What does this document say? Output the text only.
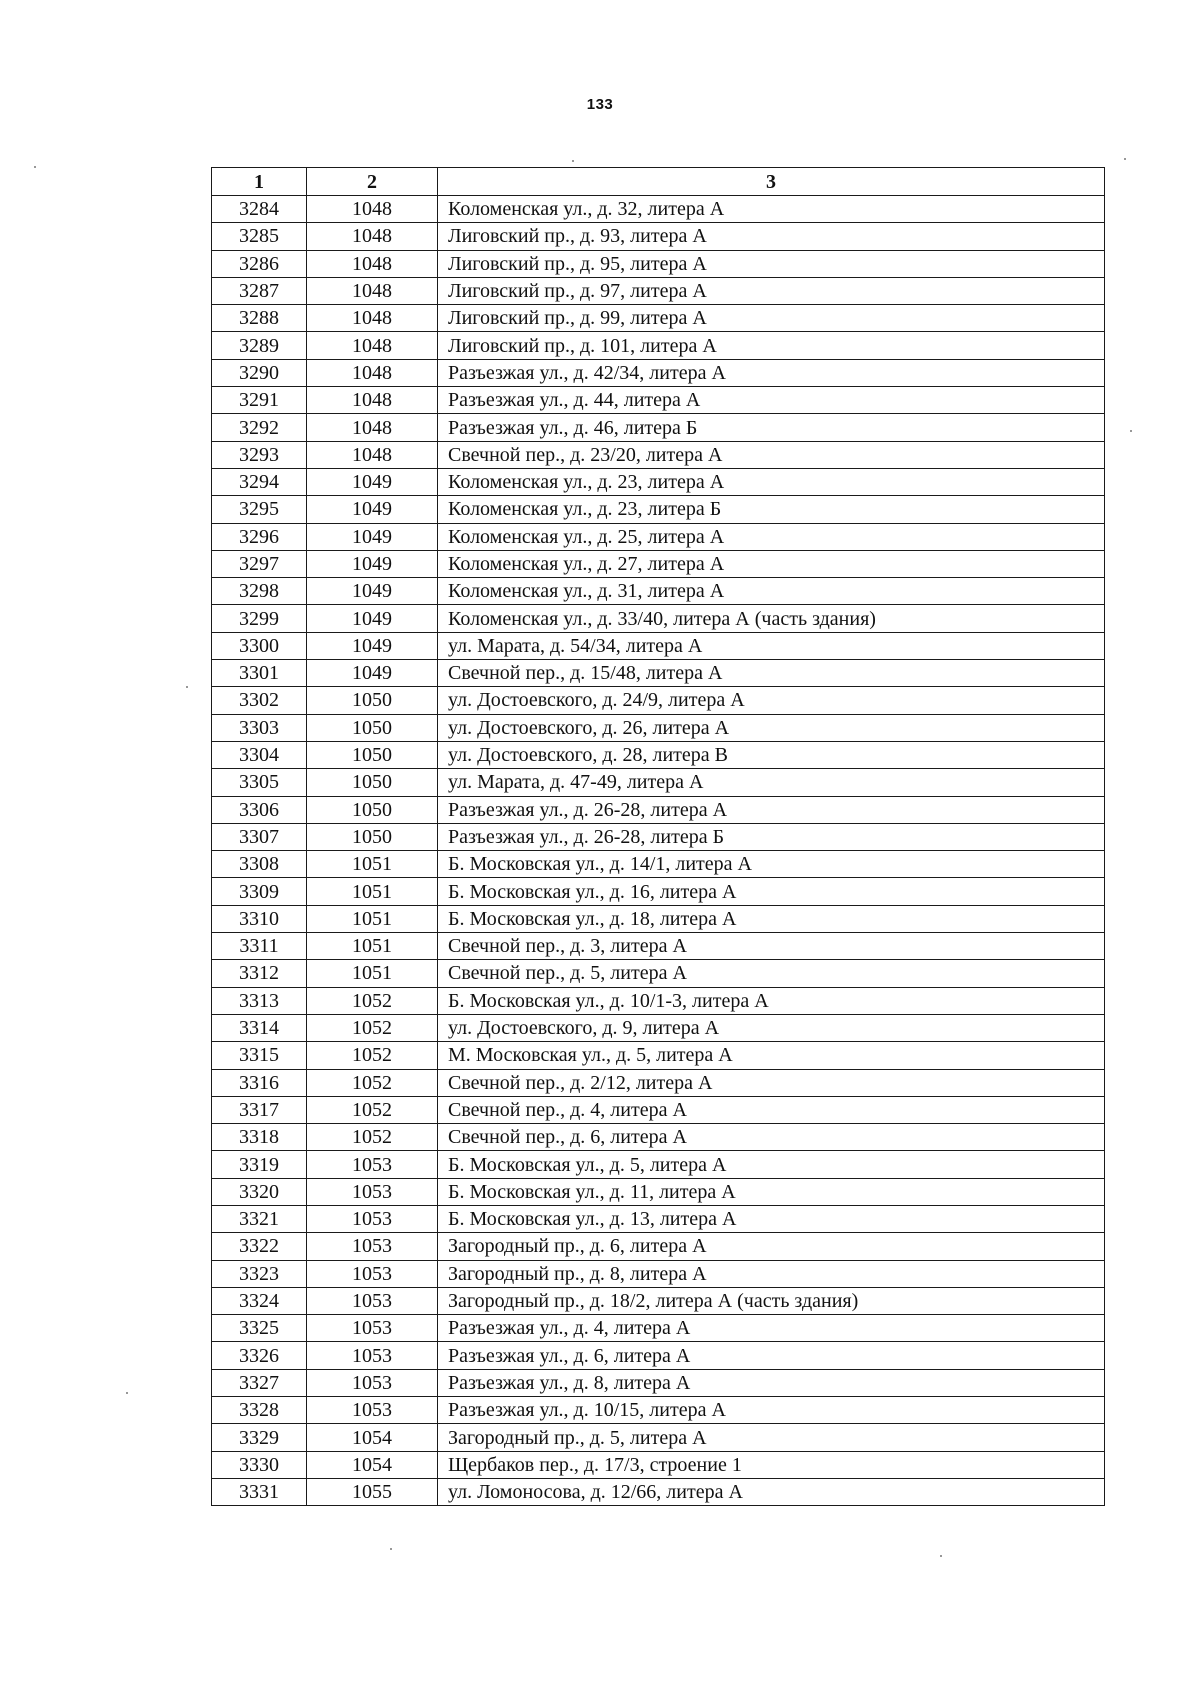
133
1	2	3
3284	1048	Коломенская ул., д. 32, литера А
3285	1048	Лиговский пр., д. 93, литера А
3286	1048	Лиговский пр., д. 95, литера А
3287	1048	Лиговский пр., д. 97, литера А
3288	1048	Лиговский пр., д. 99, литера А
3289	1048	Лиговский пр., д. 101, литера А
3290	1048	Разъезжая ул., д. 42/34, литера А
3291	1048	Разъезжая ул., д. 44, литера А
3292	1048	Разъезжая ул., д. 46, литера Б
3293	1048	Свечной пер., д. 23/20, литера А
3294	1049	Коломенская ул., д. 23, литера А
3295	1049	Коломенская ул., д. 23, литера Б
3296	1049	Коломенская ул., д. 25, литера А
3297	1049	Коломенская ул., д. 27, литера А
3298	1049	Коломенская ул., д. 31, литера А
3299	1049	Коломенская ул., д. 33/40, литера А (часть здания)
3300	1049	ул. Марата, д. 54/34, литера А
3301	1049	Свечной пер., д. 15/48, литера А
3302	1050	ул. Достоевского, д. 24/9, литера А
3303	1050	ул. Достоевского, д. 26, литера А
3304	1050	ул. Достоевского, д. 28, литера В
3305	1050	ул. Марата, д. 47-49, литера А
3306	1050	Разъезжая ул., д. 26-28, литера А
3307	1050	Разъезжая ул., д. 26-28, литера Б
3308	1051	Б. Московская ул., д. 14/1, литера А
3309	1051	Б. Московская ул., д. 16, литера А
3310	1051	Б. Московская ул., д. 18, литера А
3311	1051	Свечной пер., д. 3, литера А
3312	1051	Свечной пер., д. 5, литера А
3313	1052	Б. Московская ул., д. 10/1-3, литера А
3314	1052	ул. Достоевского, д. 9, литера А
3315	1052	М. Московская ул., д. 5, литера А
3316	1052	Свечной пер., д. 2/12, литера А
3317	1052	Свечной пер., д. 4, литера А
3318	1052	Свечной пер., д. 6, литера А
3319	1053	Б. Московская ул., д. 5, литера А
3320	1053	Б. Московская ул., д. 11, литера А
3321	1053	Б. Московская ул., д. 13, литера А
3322	1053	Загородный пр., д. 6, литера А
3323	1053	Загородный пр., д. 8, литера А
3324	1053	Загородный пр., д. 18/2, литера А (часть здания)
3325	1053	Разъезжая ул., д. 4, литера А
3326	1053	Разъезжая ул., д. 6, литера А
3327	1053	Разъезжая ул., д. 8, литера А
3328	1053	Разъезжая ул., д. 10/15, литера А
3329	1054	Загородный пр., д. 5, литера А
3330	1054	Щербаков пер., д. 17/3, строение 1
3331	1055	ул. Ломоносова, д. 12/66, литера А
